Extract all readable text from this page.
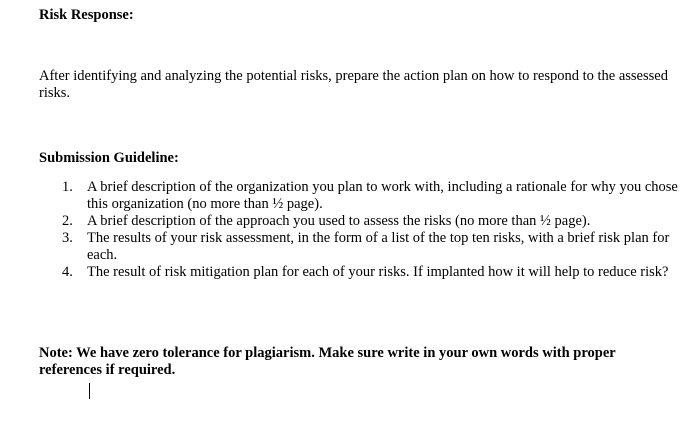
Risk Response:

After identifying and analyzing the potential risks, prepare the action plan on how to respond to the assessed risks.

Submission Guideline:

1. A brief description of the organization you plan to work with, including a rationale for why you chose this organization (no more than ½ page).
2. A brief description of the approach you used to assess the risks (no more than ½ page).
3. The results of your risk assessment, in the form of a list of the top ten risks, with a brief risk plan for each.
4. The result of risk mitigation plan for each of your risks. If implanted how it will help to reduce risk?

Note: We have zero tolerance for plagiarism. Make sure write in your own words with proper references if required.
